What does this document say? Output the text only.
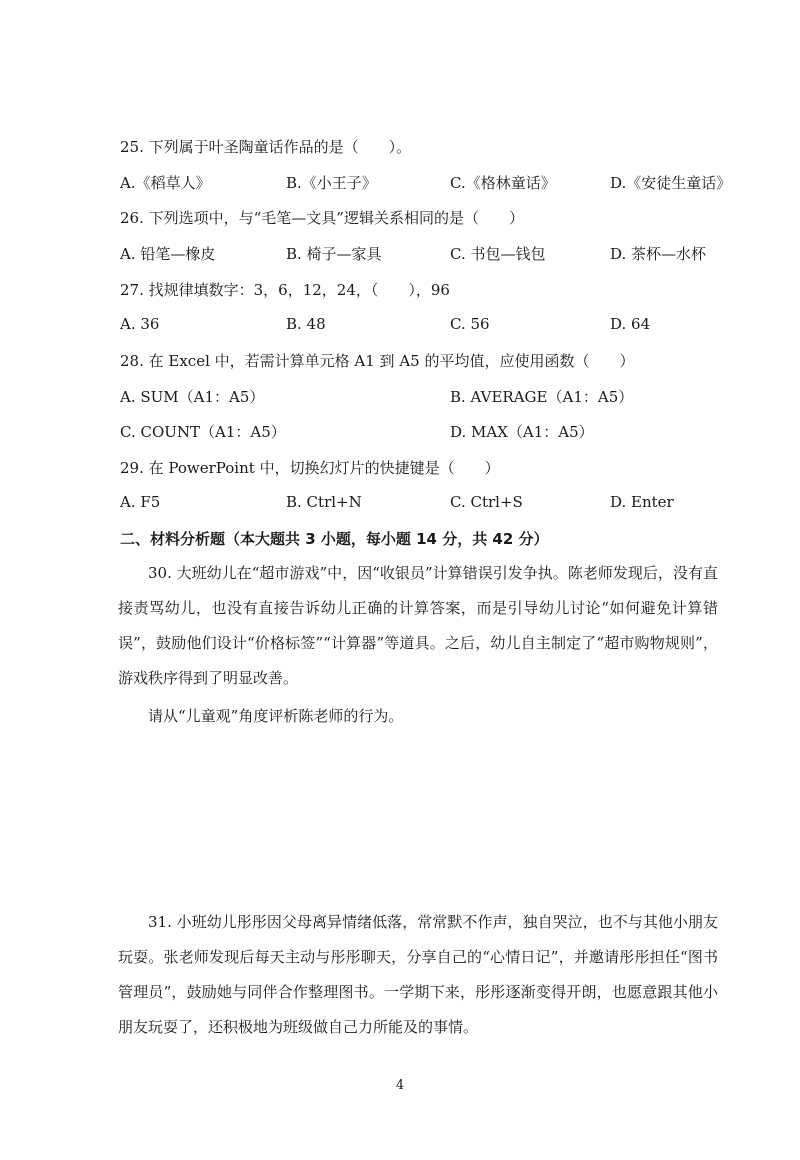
25. 下列属于叶圣陶童话作品的是（　　）。
A.《稻草人》	B.《小王子》	C.《格林童话》	D.《安徒生童话》
26. 下列选项中，与“毛笔—文具”逻辑关系相同的是（　　）
A. 铅笔—橡皮	B. 椅子—家具	C. 书包—钱包	D. 茶杯—水杯
27. 找规律填数字：3，6，12，24，（　　），96
A. 36	B. 48	C. 56	D. 64
28. 在 Excel 中，若需计算单元格 A1 到 A5 的平均值，应使用函数（　　）
A. SUM（A1：A5）	B. AVERAGE（A1：A5）
C. COUNT（A1：A5）	D. MAX（A1：A5）
29. 在 PowerPoint 中，切换幻灯片的快捷键是（　　）
A. F5	B. Ctrl+N	C. Ctrl+S	D. Enter
二、材料分析题（本大题共 3 小题，每小题 14 分，共 42 分）
30. 大班幼儿在“超市游戏”中，因“收银员”计算错误引发争执。陈老师发现后，没有直接责骂幼儿，也没有直接告诉幼儿正确的计算答案，而是引导幼儿讨论“如何避免计算错误”，鼓励他们设计“价格标签”“计算器”等道具。之后，幼儿自主制定了“超市购物规则”，游戏秩序得到了明显改善。
请从“儿童观”角度评析陈老师的行为。
31. 小班幼儿彤彤因父母离异情绪低落，常常默不作声，独自哭泣，也不与其他小朋友玩耍。张老师发现后每天主动与彤彤聊天，分享自己的“心情日记”，并邀请彤彤担任“图书管理员”，鼓励她与同伴合作整理图书。一学期下来，彤彤逐渐变得开朗，也愿意跟其他小朋友玩耍了，还积极地为班级做自己力所能及的事情。
4
